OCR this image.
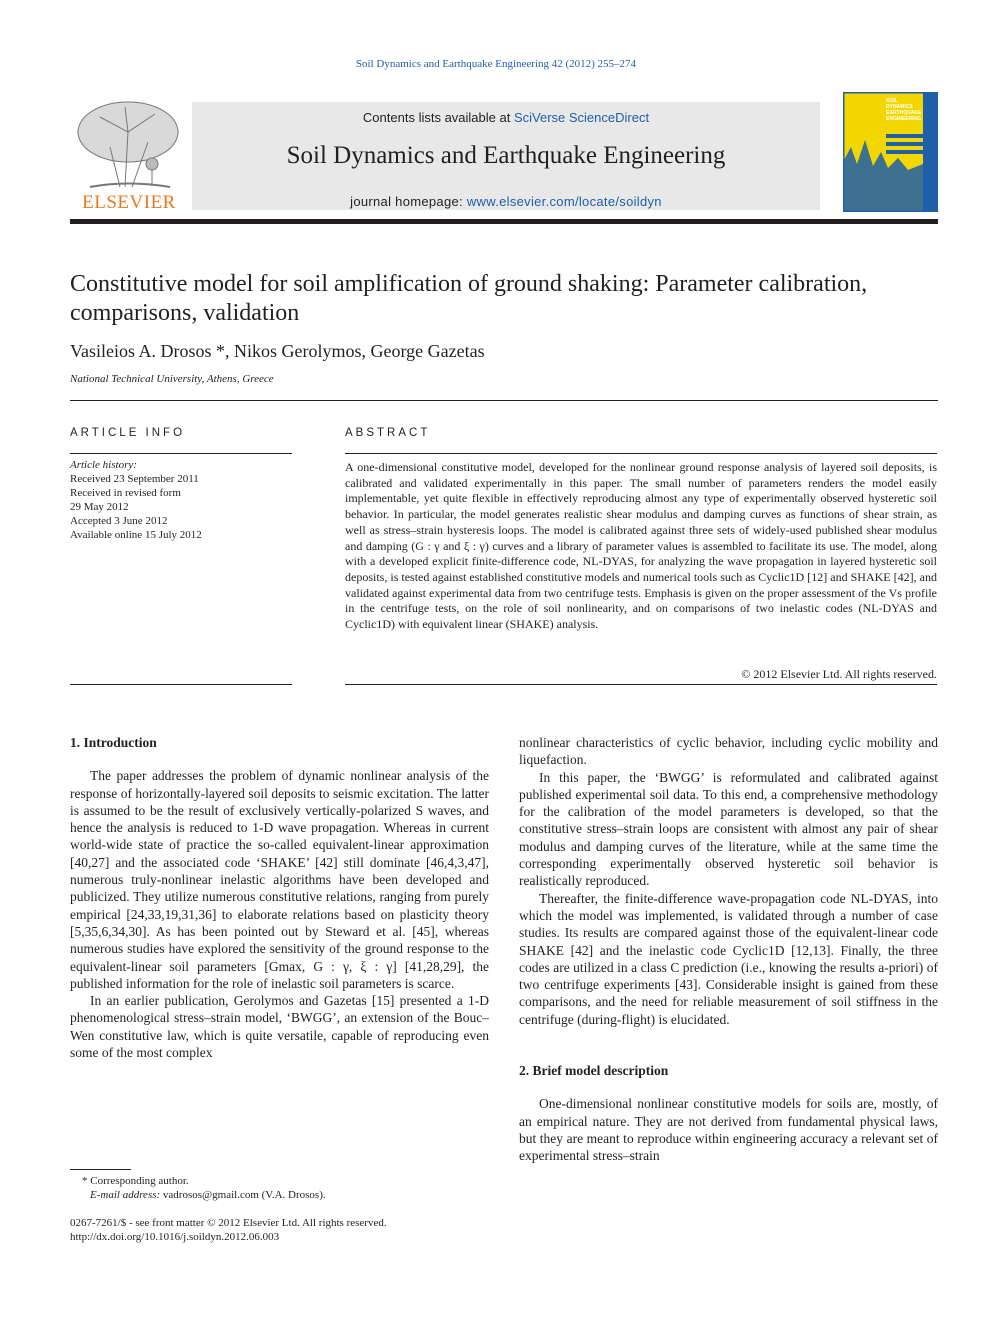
Soil Dynamics and Earthquake Engineering 42 (2012) 255–274
ELSEVIER
Contents lists available at SciVerse ScienceDirect
Soil Dynamics and Earthquake Engineering
journal homepage: www.elsevier.com/locate/soildyn
SOIL
DYNAMICS
EARTHQUAKE
ENGINEERING
Constitutive model for soil amplification of ground shaking: Parameter calibration, comparisons, validation
Vasileios A. Drosos *, Nikos Gerolymos, George Gazetas
National Technical University, Athens, Greece
ARTICLE INFO
Article history:
Received 23 September 2011
Received in revised form
29 May 2012
Accepted 3 June 2012
Available online 15 July 2012
ABSTRACT
A one-dimensional constitutive model, developed for the nonlinear ground response analysis of layered soil deposits, is calibrated and validated experimentally in this paper. The small number of parameters renders the model easily implementable, yet quite flexible in effectively reproducing almost any type of experimentally observed hysteretic soil behavior. In particular, the model generates realistic shear modulus and damping curves as functions of shear strain, as well as stress–strain hysteresis loops. The model is calibrated against three sets of widely-used published shear modulus and damping (G : γ and ξ : γ) curves and a library of parameter values is assembled to facilitate its use. The model, along with a developed explicit finite-difference code, NL-DYAS, for analyzing the wave propagation in layered hysteretic soil deposits, is tested against established constitutive models and numerical tools such as Cyclic1D [12] and SHAKE [42], and validated against experimental data from two centrifuge tests. Emphasis is given on the proper assessment of the Vs profile in the centrifuge tests, on the role of soil nonlinearity, and on comparisons of two inelastic codes (NL-DYAS and Cyclic1D) with equivalent linear (SHAKE) analysis.
© 2012 Elsevier Ltd. All rights reserved.
1. Introduction

The paper addresses the problem of dynamic nonlinear analysis of the response of horizontally-layered soil deposits to seismic excitation. The latter is assumed to be the result of exclusively vertically-polarized S waves, and hence the analysis is reduced to 1-D wave propagation. Whereas in current world-wide state of practice the so-called equivalent-linear approximation [40,27] and the associated code ‘SHAKE’ [42] still dominate [46,4,3,47], numerous truly-nonlinear inelastic algorithms have been developed and publicized. They utilize numerous constitutive relations, ranging from purely empirical [24,33,19,31,36] to elaborate relations based on plasticity theory [5,35,6,34,30]. As has been pointed out by Steward et al. [45], whereas numerous studies have explored the sensitivity of the ground response to the equivalent-linear soil parameters [Gmax, G : γ, ξ : γ] [41,28,29], the published information for the role of inelastic soil parameters is scarce.

In an earlier publication, Gerolymos and Gazetas [15] presented a 1-D phenomenological stress–strain model, ‘BWGG’, an extension of the Bouc–Wen constitutive law, which is quite versatile, capable of reproducing even some of the most complex

nonlinear characteristics of cyclic behavior, including cyclic mobility and liquefaction.

In this paper, the ‘BWGG’ is reformulated and calibrated against published experimental soil data. To this end, a comprehensive methodology for the calibration of the model parameters is developed, so that the constitutive stress–strain loops are consistent with almost any pair of shear modulus and damping curves of the literature, while at the same time the corresponding experimentally observed hysteretic soil behavior is realistically reproduced.

Thereafter, the finite-difference wave-propagation code NL-DYAS, into which the model was implemented, is validated through a number of case studies. Its results are compared against those of the equivalent-linear code SHAKE [42] and the inelastic code Cyclic1D [12,13]. Finally, the three codes are utilized in a class C prediction (i.e., knowing the results a-priori) of two centrifuge experiments [43]. Considerable insight is gained from these comparisons, and the need for reliable measurement of soil stiffness in the centrifuge (during-flight) is elucidated.

2. Brief model description

One-dimensional nonlinear constitutive models for soils are, mostly, of an empirical nature. They are not derived from fundamental physical laws, but they are meant to reproduce within engineering accuracy a relevant set of experimental stress–strain

* Corresponding author.
E-mail address: vadrosos@gmail.com (V.A. Drosos).
0267-7261/$ - see front matter © 2012 Elsevier Ltd. All rights reserved.
http://dx.doi.org/10.1016/j.soildyn.2012.06.003
